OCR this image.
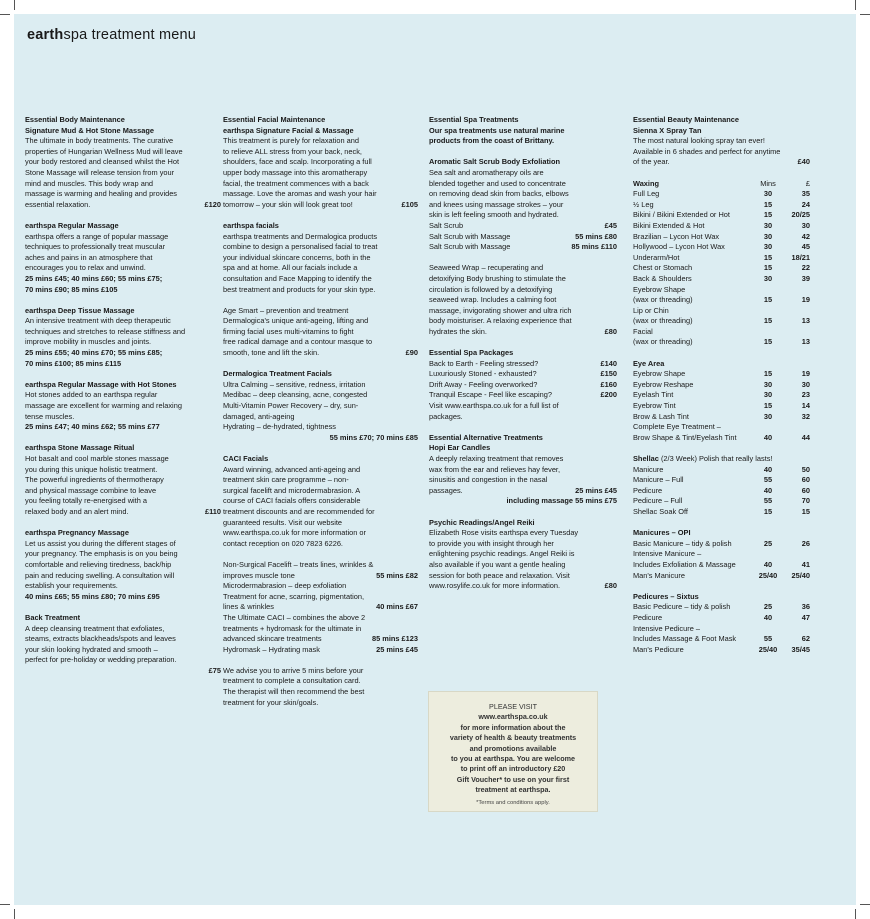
earthspa treatment menu
Essential Body Maintenance
Signature Mud & Hot Stone Massage
The ultimate in body treatments. The curative
properties of Hungarian Wellness Mud will leave
your body restored and cleansed whilst the Hot
Stone Massage will release tension from your
mind and muscles. This body wrap and
massage is warming and healing and provides
essential relaxation.	£120
earthspa Regular Massage
earthspa offers a range of popular massage
techniques to professionally treat muscular
aches and pains in an atmosphere that
encourages you to relax and unwind.
25 mins £45; 40 mins £60; 55 mins £75;
70 mins £90; 85 mins £105
earthspa Deep Tissue Massage
An intensive treatment with deep therapeutic
techniques and stretches to release stiffness and
improve mobility in muscles and joints.
25 mins £55; 40 mins £70; 55 mins £85;
70 mins £100; 85 mins £115
earthspa Regular Massage with Hot Stones
Hot stones added to an earthspa regular
massage are excellent for warming and relaxing
tense muscles.
25 mins £47; 40 mins £62; 55 mins £77
earthspa Stone Massage Ritual
Hot basalt and cool marble stones massage
you during this unique holistic treatment.
The powerful ingredients of thermotherapy
and physical massage combine to leave
you feeling totally re-energised with a
relaxed body and an alert mind.	£110
earthspa Pregnancy Massage
Let us assist you during the different stages of
your pregnancy. The emphasis is on you being
comfortable and relieving tiredness, back/hip
pain and reducing swelling. A consultation will
establish your requirements.
40 mins £65; 55 mins £80; 70 mins £95
Back Treatment
A deep cleansing treatment that exfoliates,
steams, extracts blackheads/spots and leaves
your skin looking hydrated and smooth –
perfect for pre-holiday or wedding preparation.
£75
Essential Facial Maintenance
earthspa Signature Facial & Massage
This treatment is purely for relaxation and
to relieve ALL stress from your back, neck,
shoulders, face and scalp. Incorporating a full
upper body massage into this aromatherapy
facial, the treatment commences with a back
massage. Love the aromas and wash your hair
tomorrow – your skin will look great too!	£105
earthspa facials
earthspa treatments and Dermalogica products
combine to design a personalised facial to treat
your individual skincare concerns, both in the
spa and at home. All our facials include a
consultation and Face Mapping to identify the
best treatment and products for your skin type.
Age Smart – prevention and treatment
Dermalogica's unique anti-ageing, lifting and
firming facial uses multi-vitamins to fight
free radical damage and a contour masque to
smooth, tone and lift the skin.	£90
Dermalogica Treatment Facials
Ultra Calming – sensitive, redness, irritation
Medibac – deep cleansing, acne, congested
Multi-Vitamin Power Recovery – dry, sun-
damaged, anti-ageing
Hydrating – de-hydrated, tightness
55 mins £70; 70 mins £85
CACI Facials
Award winning, advanced anti-ageing and
treatment skin care programme – non-
surgical facelift and microdermabrasion. A
course of CACI facials offers considerable
treatment discounts and are recommended for
guaranteed results. Visit our website
www.earthspa.co.uk for more information or
contact reception on 020 7823 6226.
Non-Surgical Facelift – treats lines, wrinkles &
improves muscle tone	55 mins £82
Microdermabrasion – deep exfoliation
Treatment for acne, scarring, pigmentation,
lines & wrinkles	40 mins £67
The Ultimate CACI – combines the above 2
treatments + hydromask for the ultimate in
advanced skincare treatments	85 mins £123
Hydromask – Hydrating mask	25 mins £45
We advise you to arrive 5 mins before your
treatment to complete a consultation card.
The therapist will then recommend the best
treatment for your skin/goals.
Essential Spa Treatments
Our spa treatments use natural marine
products from the coast of Brittany.
Aromatic Salt Scrub Body Exfoliation
Sea salt and aromatherapy oils are
blended together and used to concentrate
on removing dead skin from backs, elbows
and knees using massage strokes – your
skin is left feeling smooth and hydrated.
Salt Scrub	£45
Salt Scrub with Massage	55 mins £80
Salt Scrub with Massage	85 mins £110
Seaweed Wrap – recuperating and
detoxifying Body brushing to stimulate the
circulation is followed by a detoxifying
seaweed wrap. Includes a calming foot
massage, invigorating shower and ultra rich
body moisturiser. A relaxing experience that
hydrates the skin.	£80
Essential Spa Packages
Back to Earth - Feeling stressed?	£140
Luxuriously Stoned - exhausted?	£150
Drift Away - Feeling overworked?	£160
Tranquil Escape - Feel like escaping?	£200
Visit www.earthspa.co.uk for a full list of
packages.
Essential Alternative Treatments
Hopi Ear Candles
A deeply relaxing treatment that removes
wax from the ear and relieves hay fever,
sinusitis and congestion in the nasal
passages.	25 mins £45
including massage 55 mins £75
Psychic Readings/Angel Reiki
Elizabeth Rose visits earthspa every Tuesday
to provide you with insight through her
enlightening psychic readings. Angel Reiki is
also available if you want a gentle healing
session for both peace and relaxation. Visit
www.rosylife.co.uk for more information.	£80
Essential Beauty Maintenance
Sienna X Spray Tan
The most natural looking spray tan ever!
Available in 6 shades and perfect for anytime
of the year.	£40
Waxing	Mins	£
Full Leg	30	35
½ Leg	15	24
Bikini / Bikini Extended or Hot	15	20/25
Bikini Extended & Hot	30	30
Brazilian – Lycon Hot Wax	30	42
Hollywood – Lycon Hot Wax	30	45
Underarm/Hot	15	18/21
Chest or Stomach	15	22
Back & Shoulders	30	39
Eyebrow Shape
(wax or threading)	15	19
Lip or Chin
(wax or threading)	15	13
Facial
(wax or threading)	15	13
Eye Area
Eyebrow Shape	15	19
Eyebrow Reshape	30	30
Eyelash Tint	30	23
Eyebrow Tint	15	14
Brow & Lash Tint	30	32
Complete Eye Treatment –
Brow Shape & Tint/Eyelash Tint	40	44
Shellac (2/3 Week) Polish that really lasts!
Manicure	40	50
Manicure – Full	55	60
Pedicure	40	60
Pedicure – Full	55	70
Shellac Soak Off	15	15
Manicures – OPI
Basic Manicure – tidy & polish	25	26
Intensive Manicure –
Includes Exfoliation & Massage	40	41
Man's Manicure	25/40	25/40
Pedicures – Sixtus
Basic Pedicure – tidy & polish	25	36
Pedicure	40	47
Intensive Pedicure –
Includes Massage & Foot Mask	55	62
Man's Pedicure	25/40	35/45
PLEASE VISIT
www.earthspa.co.uk
for more information about the
variety of health & beauty treatments
and promotions available
to you at earthspa. You are welcome
to print off an introductory £20
Gift Voucher* to use on your first
treatment at earthspa.
*Terms and conditions apply.
